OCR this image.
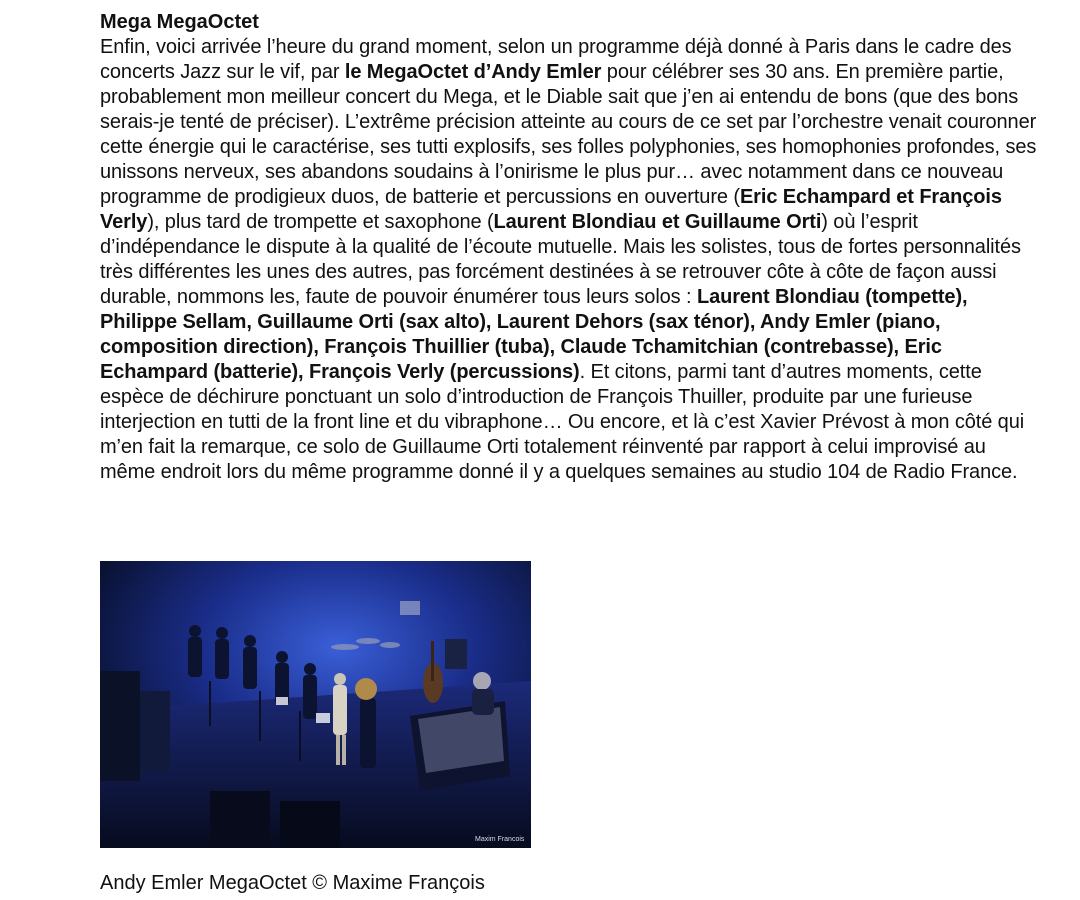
Mega MegaOctet

Enfin, voici arrivée l’heure du grand moment, selon un programme déjà donné à Paris dans le cadre des concerts Jazz sur le vif, par le MegaOctet d’Andy Emler pour célébrer ses 30 ans. En première partie, probablement mon meilleur concert du Mega, et le Diable sait que j’en ai entendu de bons (que des bons serais-je tenté de préciser). L’extrême précision atteinte au cours de ce set par l’orchestre venait couronner cette énergie qui le caractérise, ses tutti explosifs, ses folles polyphonies, ses homophonies profondes, ses unissons nerveux, ses abandons soudains à l’onirisme le plus pur… avec notamment dans ce nouveau programme de prodigieux duos, de batterie et percussions en ouverture (Eric Echampard et François Verly), plus tard de trompette et saxophone (Laurent Blondiau et Guillaume Orti) où l’esprit d’indépendance le dispute à la qualité de l’écoute mutuelle. Mais les solistes, tous de fortes personnalités très différentes les unes des autres, pas forcément destinées à se retrouver côte à côte de façon aussi durable, nommons les, faute de pouvoir énumérer tous leurs solos : Laurent Blondiau (tompette), Philippe Sellam, Guillaume Orti (sax alto), Laurent Dehors (sax ténor), Andy Emler (piano, composition direction), François Thuillier (tuba), Claude Tchamitchian (contrebasse), Eric Echampard (batterie), François Verly (percussions). Et citons, parmi tant d’autres moments, cette espèce de déchirure ponctuant un solo d’introduction de François Thuiller, produite par une furieuse interjection en tutti de la front line et du vibraphone… Ou encore, et là c’est Xavier Prévost à mon côté qui m’en fait la remarque, ce solo de Guillaume Orti totalement réinventé par rapport à celui improvisé au même endroit lors du même programme donné il y a quelques semaines au studio 104 de Radio France.

Maxim Francois

Andy Emler MegaOctet © Maxime François
